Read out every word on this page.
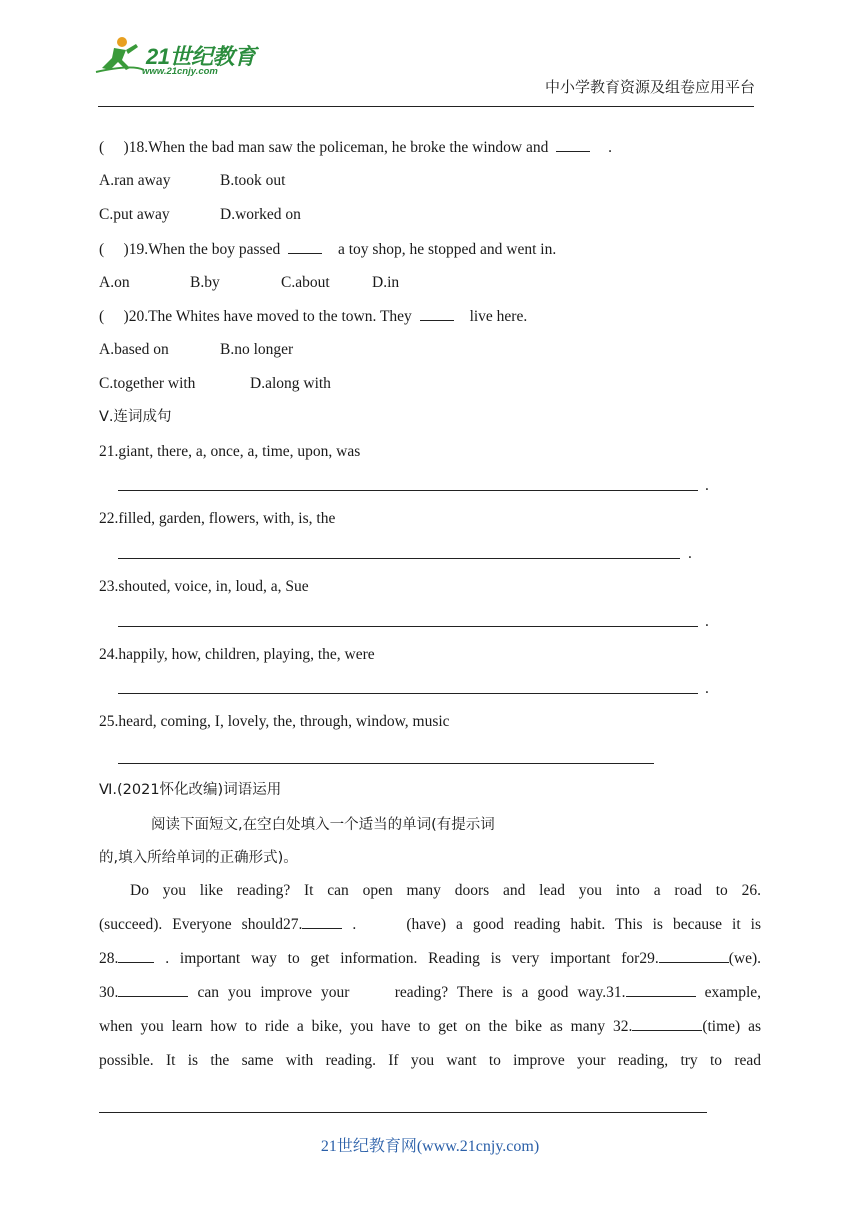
21世纪教育
www.21cnjy.com
中小学教育资源及组卷应用平台
(     )18.When the bad man saw the policeman, he broke the window and	.
A.ran away	B.took out
C.put away	D.worked on
(     )19.When the boy passed	a toy shop, he stopped and went in.
A.on	B.by	C.about	D.in
(     )20.The Whites have moved to the town. They	live here.
A.based on	B.no longer
C.together with	D.along with
Ⅴ.连词成句
21.giant, there, a, once, a, time, upon, was
.
22.filled, garden, flowers, with, is, the
.
23.shouted, voice, in, loud, a, Sue
.
24.happily, how, children, playing, the, were
.
25.heard, coming, I, lovely, the, through, window, music
Ⅵ.(2021怀化改编)词语运用
阅读下面短文,在空白处填入一个适当的单词(有提示词
的,填入所给单词的正确形式)。
Do you like reading? It can open many doors and lead you into a road to 26.
(succeed). Everyone should27.	.     (have) a good reading habit. This is because it is
28.	. important way to get information. Reading is very important for29.	(we).
30.	can you improve your     reading? There is a good way.31.	example,
when you learn how to ride a bike, you have to get on the bike as many 32.	(time) as
possible. It is the same with reading. If you want to improve your reading, try to read
21世纪教育网(www.21cnjy.com)
